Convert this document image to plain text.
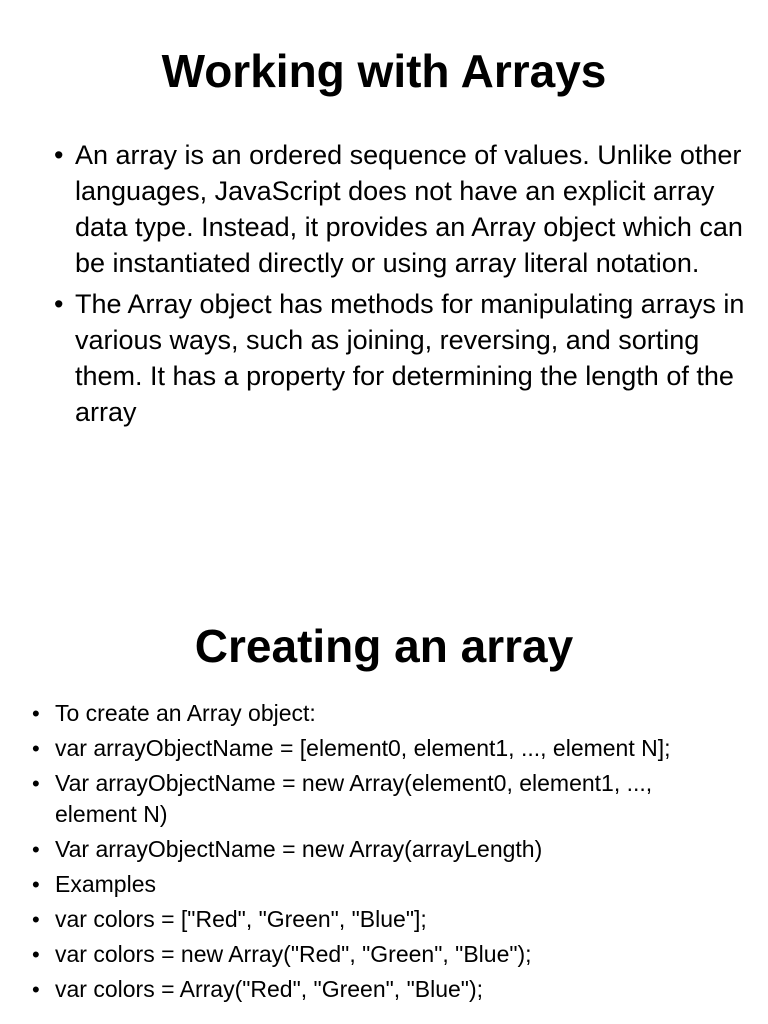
Working with Arrays
• An array is an ordered sequence of values. Unlike other languages, JavaScript does not have an explicit array data type. Instead, it provides an Array object which can be instantiated directly or using array literal notation.
• The Array object has methods for manipulating arrays in various ways, such as joining, reversing, and sorting them. It has a property for determining the length of the array
Creating an array
• To create an Array object:
• var arrayObjectName = [element0, element1, ..., element N];
• Var arrayObjectName = new Array(element0, element1, ..., element N)
• Var arrayObjectName = new Array(arrayLength)
• Examples
• var colors = ["Red", "Green", "Blue"];
• var colors = new Array("Red", "Green", "Blue");
• var colors = Array("Red", "Green", "Blue");
